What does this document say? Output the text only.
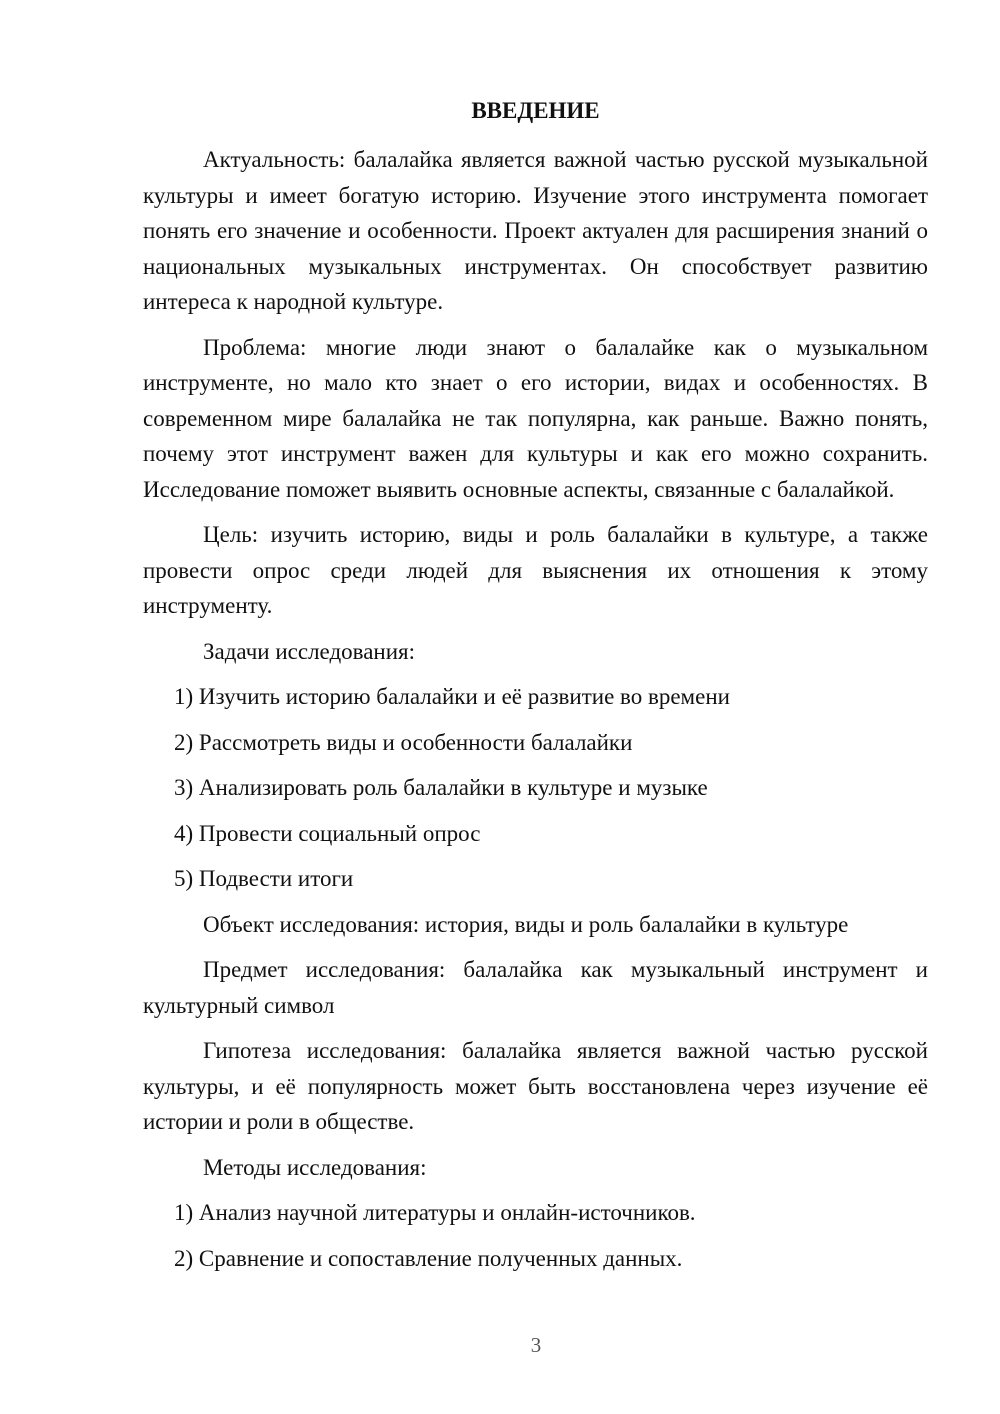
ВВЕДЕНИЕ

Актуальность: балалайка является важной частью русской музыкальной культуры и имеет богатую историю. Изучение этого инструмента помогает понять его значение и особенности. Проект актуален для расширения знаний о национальных музыкальных инструментах. Он способствует развитию интереса к народной культуре.

Проблема: многие люди знают о балалайке как о музыкальном инструменте, но мало кто знает о его истории, видах и особенностях. В современном мире балалайка не так популярна, как раньше. Важно понять, почему этот инструмент важен для культуры и как его можно сохранить. Исследование поможет выявить основные аспекты, связанные с балалайкой.

Цель: изучить историю, виды и роль балалайки в культуре, а также провести опрос среди людей для выяснения их отношения к этому инструменту.

Задачи исследования:

1) Изучить историю балалайки и её развитие во времени
2) Рассмотреть виды и особенности балалайки
3) Анализировать роль балалайки в культуре и музыке
4) Провести социальный опрос
5) Подвести итоги

Объект исследования: история, виды и роль балалайки в культуре

Предмет исследования: балалайка как музыкальный инструмент и культурный символ

Гипотеза исследования: балалайка является важной частью русской культуры, и её популярность может быть восстановлена через изучение её истории и роли в обществе.

Методы исследования:

1) Анализ научной литературы и онлайн-источников.
2) Сравнение и сопоставление полученных данных.
3
